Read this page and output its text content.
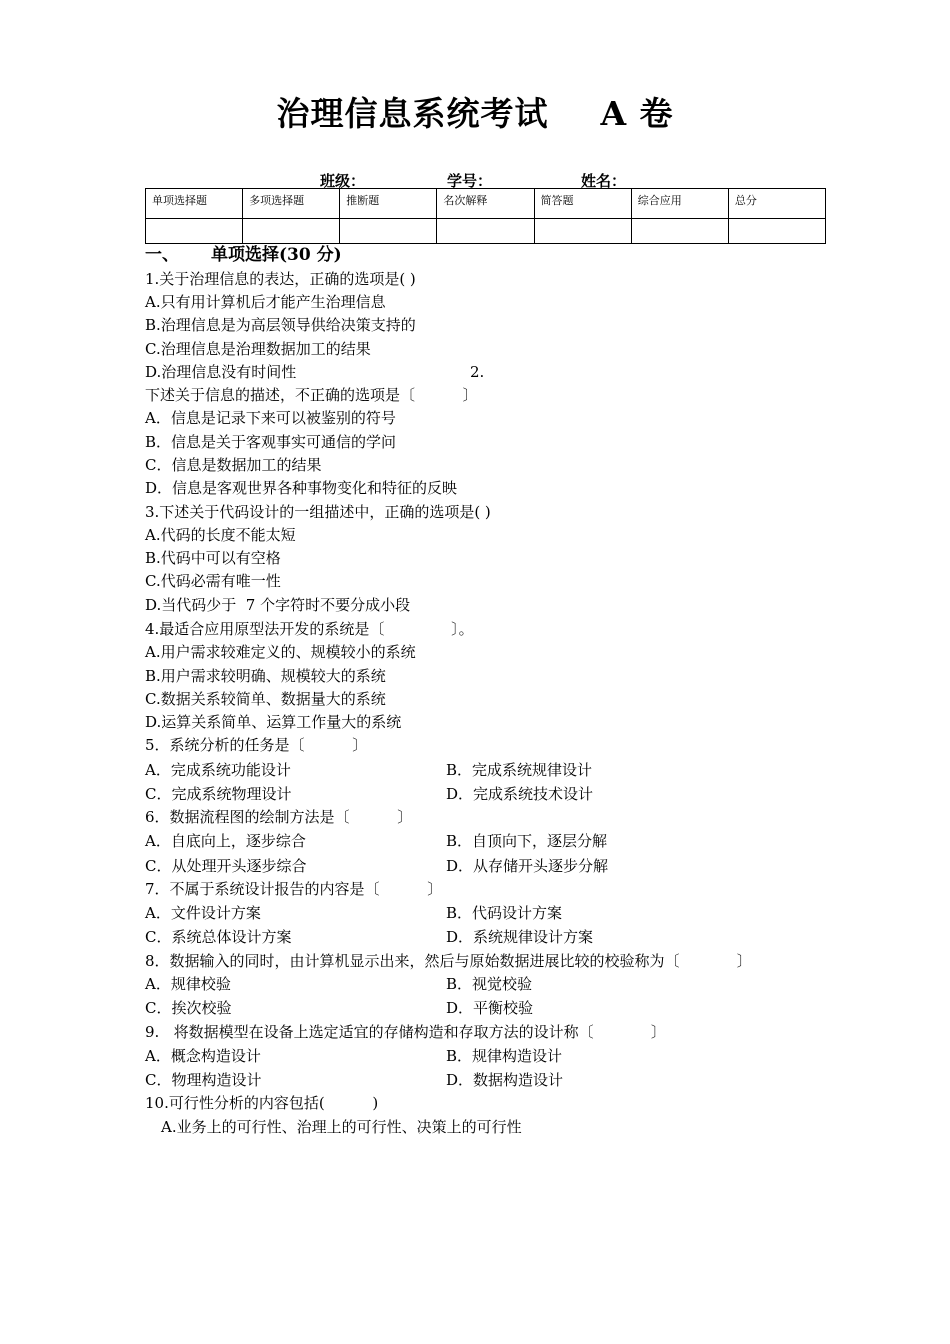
治理信息系统考试 A 卷
班级：	学号：	姓名：
单项选择题	多项选择题	推断题	名次解释	简答题	综合应用	总分

一、 单项选择(30 分)
1.关于治理信息的表达，正确的选项是( )
A.只有用计算机后才能产生治理信息
B.治理信息是为高层领导供给决策支持的
C.治理信息是治理数据加工的结果
D.治理信息没有时间性	2.
下述关于信息的描述，不正确的选项是〔          〕
A．信息是记录下来可以被鉴别的符号
B．信息是关于客观事实可通信的学问
C．信息是数据加工的结果
D．信息是客观世界各种事物变化和特征的反映
3.下述关于代码设计的一组描述中，正确的选项是( )
A.代码的长度不能太短
B.代码中可以有空格
C.代码必需有唯一性
D.当代码少于  7 个字符时不要分成小段
4.最适合应用原型法开发的系统是〔              〕。
A.用户需求较难定义的、规模较小的系统
B.用户需求较明确、规模较大的系统
C.数据关系较简单、数据量大的系统
D.运算关系简单、运算工作量大的系统
5．系统分析的任务是〔          〕
A．完成系统功能设计	B．完成系统规律设计
C．完成系统物理设计	D．完成系统技术设计
6．数据流程图的绘制方法是〔          〕
A．自底向上，逐步综合	B．自顶向下，逐层分解
C．从处理开头逐步综合	D．从存储开头逐步分解
7．不属于系统设计报告的内容是〔          〕
A．文件设计方案	B．代码设计方案
C．系统总体设计方案	D．系统规律设计方案
8．数据输入的同时，由计算机显示出来，然后与原始数据进展比较的校验称为〔            〕
A．规律校验	B．视觉校验
C．挨次校验	D．平衡校验
9.   将数据模型在设备上选定适宜的存储构造和存取方法的设计称〔            〕
A．概念构造设计	B．规律构造设计
C．物理构造设计	D．数据构造设计
10.可行性分析的内容包括(          )
A.业务上的可行性、治理上的可行性、决策上的可行性
